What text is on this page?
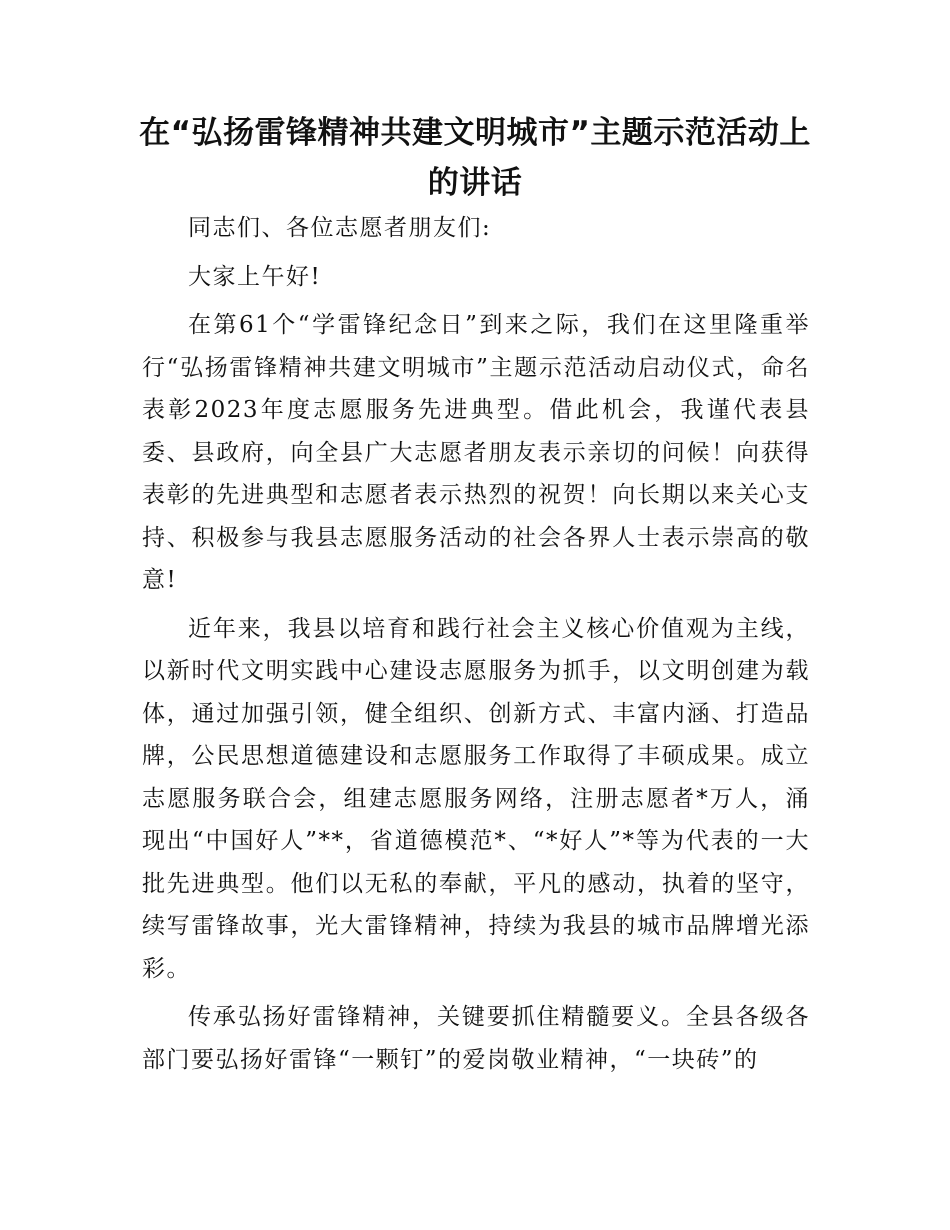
在“弘扬雷锋精神共建文明城市”主题示范活动上的讲话

同志们、各位志愿者朋友们:

大家上午好!

在第61个“学雷锋纪念日”到来之际，我们在这里隆重举行“弘扬雷锋精神共建文明城市”主题示范活动启动仪式，命名表彰2023年度志愿服务先进典型。借此机会，我谨代表县委、县政府，向全县广大志愿者朋友表示亲切的问候！向获得表彰的先进典型和志愿者表示热烈的祝贺！向长期以来关心支持、积极参与我县志愿服务活动的社会各界人士表示崇高的敬意!

近年来，我县以培育和践行社会主义核心价值观为主线，以新时代文明实践中心建设志愿服务为抓手，以文明创建为载体，通过加强引领，健全组织、创新方式、丰富内涵、打造品牌，公民思想道德建设和志愿服务工作取得了丰硕成果。成立志愿服务联合会，组建志愿服务网络，注册志愿者*万人，涌现出“中国好人”**，省道德模范*、“*好人”*等为代表的一大批先进典型。他们以无私的奉献，平凡的感动，执着的坚守，续写雷锋故事，光大雷锋精神，持续为我县的城市品牌增光添彩。

传承弘扬好雷锋精神，关键要抓住精髓要义。全县各级各部门要弘扬好雷锋“一颗钉”的爱岗敬业精神，“一块砖”的
